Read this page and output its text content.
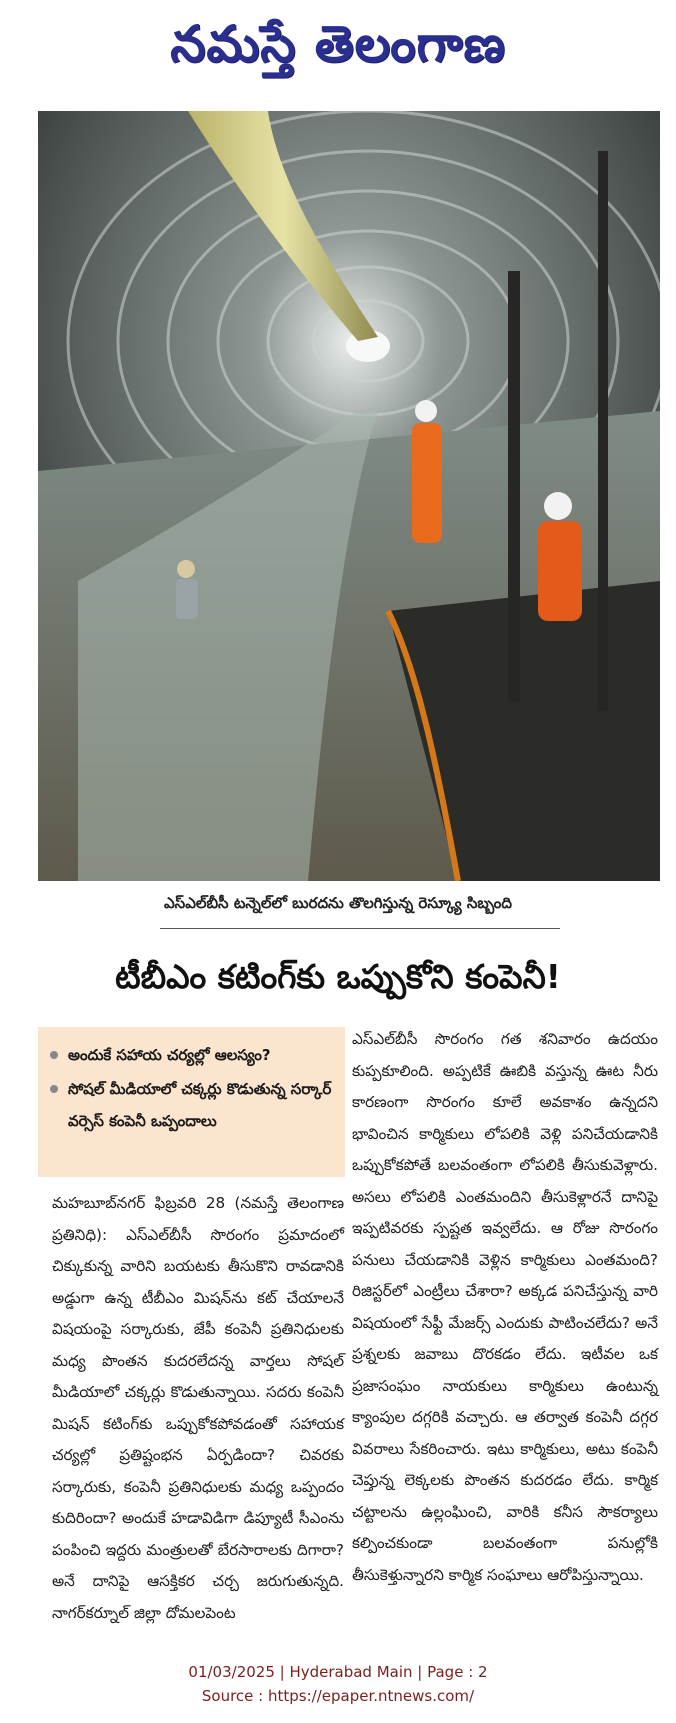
నమస్తే తెలంగాణ
ఎస్ఎల్‌బీసీ టన్నెల్‌లో బురదను తొలగిస్తున్న రెస్క్యూ సిబ్బంది
టీబీఎం కటింగ్‌కు ఒప్పుకోని కంపెనీ!
అందుకే సహాయ చర్యల్లో ఆలస్యం?
సోషల్ మీడియాలో చక్కర్లు కొడుతున్న సర్కార్ వర్సెస్ కంపెనీ ఒప్పందాలు
మహబూబ్‌నగర్ ఫిబ్రవరి 28 (నమస్తే తెలంగాణ ప్రతినిధి): ఎస్ఎల్‌బీసీ సొరంగం ప్రమాదంలో చిక్కుకున్న వారిని బయటకు తీసుకొని రావడానికి అడ్డుగా ఉన్న టీబీఎం మిషన్‌ను కట్ చేయాలనే విషయంపై సర్కారుకు, జేపీ కంపెనీ ప్రతినిధులకు మధ్య పొంతన కుదరలేదన్న వార్తలు సోషల్ మీడియాలో చక్కర్లు కొడుతున్నాయి. సదరు కంపెనీ మిషన్ కటింగ్‌కు ఒప్పుకోకపోవడంతో సహాయక చర్యల్లో ప్రతిష్టంభన ఏర్పడిందా? చివరకు సర్కారుకు, కంపెనీ ప్రతినిధులకు మధ్య ఒప్పందం కుదిరిందా? అందుకే హడావిడిగా డిప్యూటీ సీఎంను పంపించి ఇద్దరు మంత్రులతో బేరసారాలకు దిగారా? అనే దానిపై ఆసక్తికర చర్చ జరుగుతున్నది. నాగర్‌కర్నూల్ జిల్లా దోమలపెంట
ఎస్ఎల్‌బీసీ సొరంగం గత శనివారం ఉదయం కుప్పకూలింది. అప్పటికే ఊబికి వస్తున్న ఊట నీరు కారణంగా సొరంగం కూలే అవకాశం ఉన్నదని భావించిన కార్మికులు లోపలికి వెళ్లి పనిచేయడానికి ఒప్పుకోకపోతే బలవంతంగా లోపలికి తీసుకువెళ్లారు. అసలు లోపలికి ఎంతమందిని తీసుకెళ్లారనే దానిపై ఇప్పటివరకు స్పష్టత ఇవ్వలేదు. ఆ రోజు సొరంగం పనులు చేయడానికి వెళ్లిన కార్మికులు ఎంతమంది? రిజిస్టర్‌లో ఎంట్రీలు చేశారా? అక్కడ పనిచేస్తున్న వారి విషయంలో సేఫ్టీ మేజర్స్ ఎందుకు పాటించలేదు? అనే ప్రశ్నలకు జవాబు దొరకడం లేదు. ఇటీవల ఒక ప్రజాసంఘం నాయకులు కార్మికులు ఉంటున్న క్యాంపుల దగ్గరికి వచ్చారు. ఆ తర్వాత కంపెనీ దగ్గర వివరాలు సేకరించారు. ఇటు కార్మికులు, అటు కంపెనీ చెప్తున్న లెక్కలకు పొంతన కుదరడం లేదు. కార్మిక చట్టాలను ఉల్లంఘించి, వారికి కనీస సౌకర్యాలు కల్పించకుండా బలవంతంగా పనుల్లోకి తీసుకెళ్తున్నారని కార్మిక సంఘాలు ఆరోపిస్తున్నాయి.
01/03/2025 | Hyderabad Main | Page : 2
Source : https://epaper.ntnews.com/
